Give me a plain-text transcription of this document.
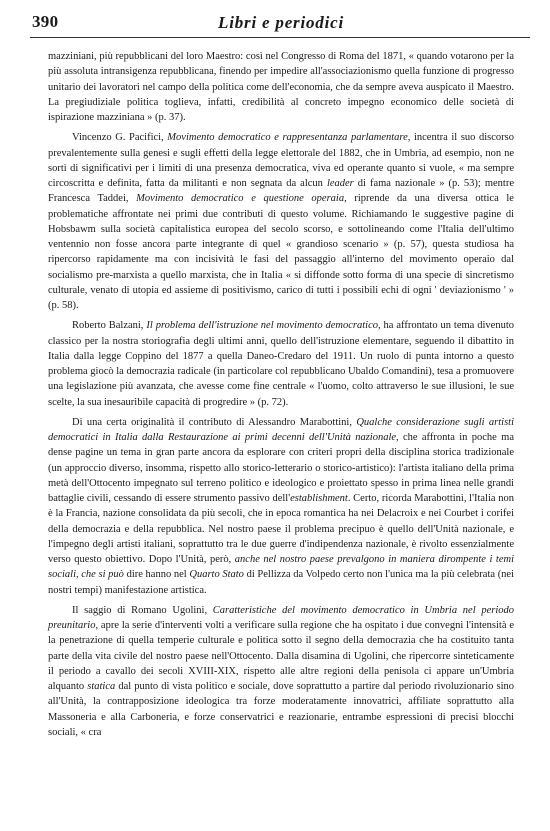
390	Libri e periodici

mazziniani, più repubblicani del loro Maestro: così nel Congresso di Roma del 1871, « quando votarono per la più assoluta intransigenza repubblicana, finendo per impedire all'associazionismo quella funzione di progresso unitario dei lavoratori nel campo della politica come dell'economia, che da sempre aveva auspicato il Maestro. La pregiudiziale politica toglieva, infatti, credibilità al concreto impegno economico delle società di ispirazione mazziniana » (p. 37).

Vincenzo G. Pacifici, Movimento democratico e rappresentanza parlamentare, incentra il suo discorso prevalentemente sulla genesi e sugli effetti della legge elettorale del 1882, che in Umbria, ad esempio, non ne sortì di significativi per i limiti di una presenza democratica, viva ed operante quanto si vuole, « ma sempre circoscritta e definita, fatta da militanti e non segnata da alcun leader di fama nazionale » (p. 53); mentre Francesca Taddei, Movimento democratico e questione operaia, riprende da una diversa ottica le problematiche affrontate nei primi due contributi di questo volume. Richiamando le suggestive pagine di Hobsbawm sulla società capitalistica europea del secolo scorso, e sottolineando come l'Italia dell'ultimo ventennio non fosse ancora parte integrante di quel « grandioso scenario » (p. 57), questa studiosa ha ripercorso rapidamente ma con incisività le fasi del passaggio all'interno del movimento operaio dal socialismo pre-marxista a quello marxista, che in Italia « si diffonde sotto forma di una specie di sincretismo culturale, venato di utopia ed assieme di positivismo, carico di tutti i possibili echi di ogni ' deviazionismo ' » (p. 58).

Roberto Balzani, Il problema dell'istruzione nel movimento democratico, ha affrontato un tema divenuto classico per la nostra storiografia degli ultimi anni, quello dell'istruzione elementare, seguendo il dibattito in Italia dalla legge Coppino del 1877 a quella Daneo-Credaro del 1911. Un ruolo di punta intorno a questo problema giocò la democrazia radicale (in particolare col repubblicano Ubaldo Comandini), tesa a promuovere una legislazione più avanzata, che avesse come fine centrale « l'uomo, colto attraverso le sue illusioni, le sue scelte, la sua inesauribile capacità di progredire » (p. 72).

Di una certa originalità il contributo di Alessandro Marabottini, Qualche considerazione sugli artisti democratici in Italia dalla Restaurazione ai primi decenni dell'Unità nazionale, che affronta in poche ma dense pagine un tema in gran parte ancora da esplorare con criteri propri della disciplina storica tradizionale (un approccio diverso, insomma, rispetto allo storico-letterario o storico-artistico): l'artista italiano della prima metà dell'Ottocento impegnato sul terreno politico e ideologico e proiettato spesso in prima linea nelle grandi battaglie civili, cessando di essere strumento passivo dell'establishment. Certo, ricorda Marabottini, l'Italia non è la Francia, nazione consolidata da più secoli, che in epoca romantica ha nei Delacroix e nei Courbet i corifei della democrazia e della repubblica. Nel nostro paese il problema precipuo è quello dell'Unità nazionale, e l'impegno degli artisti italiani, soprattutto tra le due guerre d'indipendenza nazionale, è rivolto essenzialmente verso questo obiettivo. Dopo l'Unità, però, anche nel nostro paese prevalgono in maniera dirompente i temi sociali, che si può dire hanno nel Quarto Stato di Pellizza da Volpedo certo non l'unica ma la più celebrata (nei nostri tempi) manifestazione artistica.

Il saggio di Romano Ugolini, Caratteristiche del movimento democratico in Umbria nel periodo preunitario, apre la serie d'interventi volti a verificare sulla regione che ha ospitato i due convegni l'intensità e la penetrazione di quella temperie culturale e politica sotto il segno della democrazia che ha costituito tanta parte della vita civile del nostro paese nell'Ottocento. Dalla disamina di Ugolini, che ripercorre sinteticamente il periodo a cavallo dei secoli XVIII-XIX, rispetto alle altre regioni della penisola ci appare un'Umbria alquanto statica dal punto di vista politico e sociale, dove soprattutto a partire dal periodo rivoluzionario sino all'Unità, la contrapposizione ideologica tra forze moderatamente innovatrici, affiliate soprattutto alla Massoneria e alla Carboneria, e forze conservatrici e reazionarie, entrambe espressioni di precisi blocchi sociali, « cra
